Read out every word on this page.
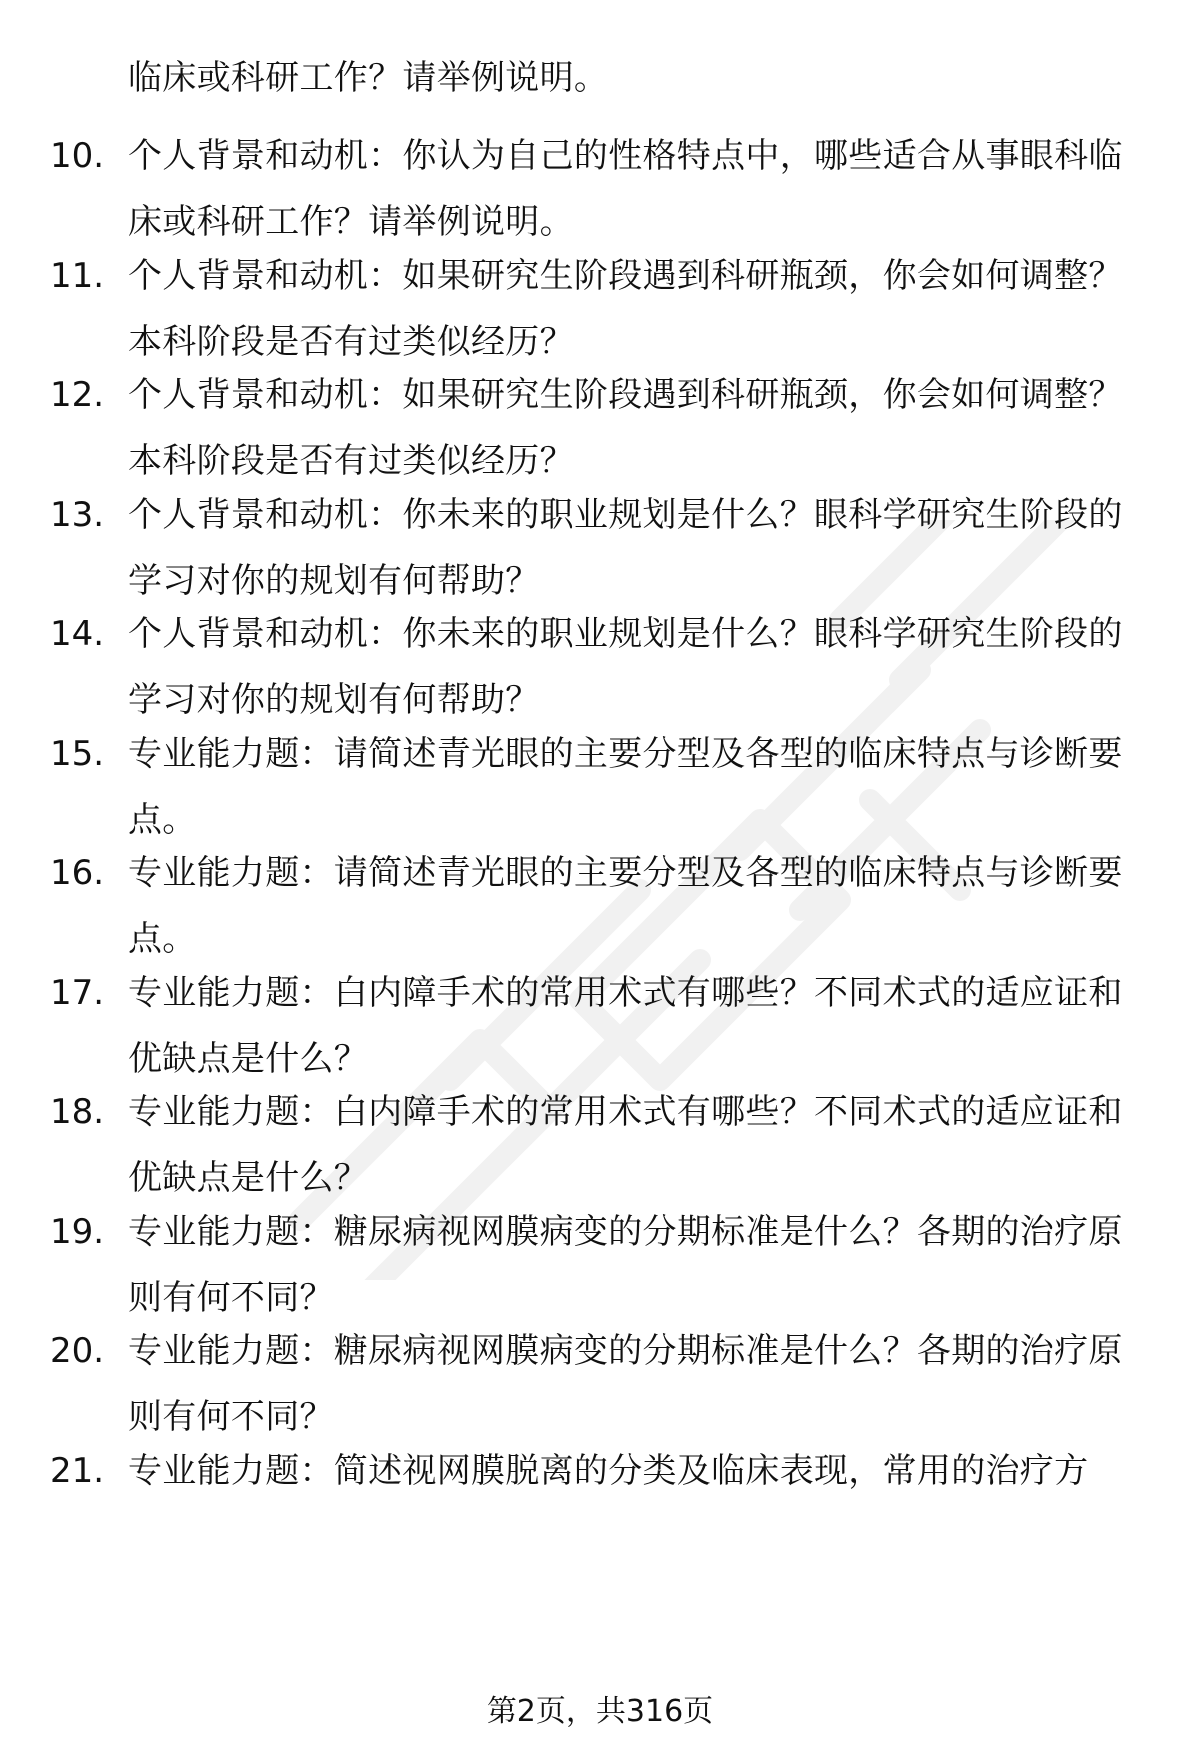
临床或科研工作？请举例说明。
10. 个人背景和动机：你认为自己的性格特点中，哪些适合从事眼科临床或科研工作？请举例说明。
11. 个人背景和动机：如果研究生阶段遇到科研瓶颈，你会如何调整？本科阶段是否有过类似经历？
12. 个人背景和动机：如果研究生阶段遇到科研瓶颈，你会如何调整？本科阶段是否有过类似经历？
13. 个人背景和动机：你未来的职业规划是什么？眼科学研究生阶段的学习对你的规划有何帮助？
14. 个人背景和动机：你未来的职业规划是什么？眼科学研究生阶段的学习对你的规划有何帮助？
15. 专业能力题：请简述青光眼的主要分型及各型的临床特点与诊断要点。
16. 专业能力题：请简述青光眼的主要分型及各型的临床特点与诊断要点。
17. 专业能力题：白内障手术的常用术式有哪些？不同术式的适应证和优缺点是什么？
18. 专业能力题：白内障手术的常用术式有哪些？不同术式的适应证和优缺点是什么？
19. 专业能力题：糖尿病视网膜病变的分期标准是什么？各期的治疗原则有何不同？
20. 专业能力题：糖尿病视网膜病变的分期标准是什么？各期的治疗原则有何不同？
21. 专业能力题：简述视网膜脱离的分类及临床表现，常用的治疗方
第2页，共316页
